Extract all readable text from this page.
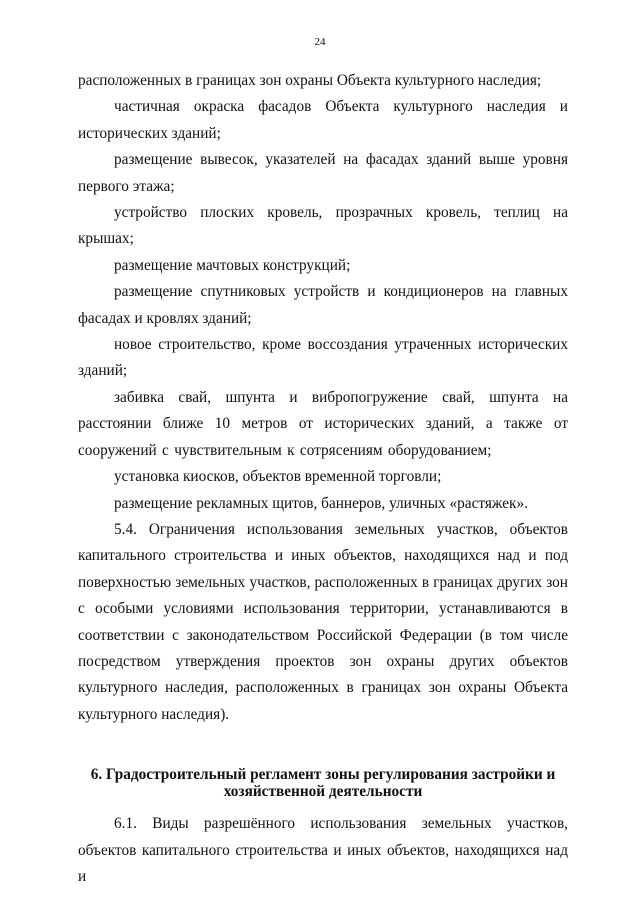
24

расположенных в границах зон охраны Объекта культурного наследия;

частичная окраска фасадов Объекта культурного наследия и исторических зданий;

размещение вывесок, указателей на фасадах зданий выше уровня первого этажа;

устройство плоских кровель, прозрачных кровель, теплиц на крышах;

размещение мачтовых конструкций;

размещение спутниковых устройств и кондиционеров на главных фасадах и кровлях зданий;

новое строительство, кроме воссоздания утраченных исторических зданий;

забивка свай, шпунта и вибропогружение свай, шпунта на расстоянии ближе 10 метров от исторических зданий, а также от сооружений с чувствительным к сотрясениям оборудованием;

установка киосков, объектов временной торговли;

размещение рекламных щитов, баннеров, уличных «растяжек».

5.4. Ограничения использования земельных участков, объектов капитального строительства и иных объектов, находящихся над и под поверхностью земельных участков, расположенных в границах других зон с особыми условиями использования территории, устанавливаются в соответствии с законодательством Российской Федерации (в том числе посредством утверждения проектов зон охраны других объектов культурного наследия, расположенных в границах зон охраны Объекта культурного наследия).

6. Градостроительный регламент зоны регулирования застройки и
хозяйственной деятельности

6.1. Виды разрешённого использования земельных участков, объектов капитального строительства и иных объектов, находящихся над и
